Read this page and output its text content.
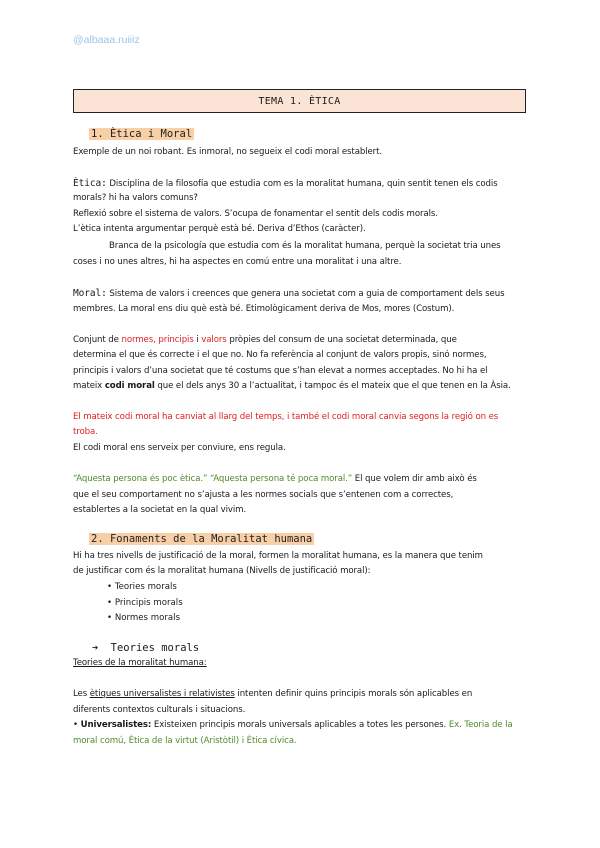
@albaaa.ruiiiz
TEMA 1. ÈTICA
1. Ètica i Moral
Exemple de un noi robant. Es inmoral, no segueix el codi moral establert.
Ètica: Disciplina de la filosofía que estudia com es la moralitat humana, quin sentit tenen els codis
morals? hi ha valors comuns?
Reflexió sobre el sistema de valors. S’ocupa de fonamentar el sentit dels codis morals.
L’ètica intenta argumentar perquè està bé. Deriva d’Ethos (caràcter).
Branca de la psicología que estudia com és la moralitat humana, perquè la societat tria unes
coses i no unes altres, hi ha aspectes en comú entre una moralitat i una altre.
Moral: Sistema de valors i creences que genera una societat com a guia de comportament dels seus
membres. La moral ens diu què està bé. Etimològicament deriva de Mos, mores (Costum).
Conjunt de normes, principis i valors pròpies del consum de una societat determinada, que
determina el que és correcte i el que no. No fa referència al conjunt de valors propis, sinó normes,
principis i valors d’una societat que té costums que s’han elevat a normes acceptades. No hi ha el
mateix codi moral que el dels anys 30 a l’actualitat, i tampoc és el mateix que el que tenen en la Àsia.
El mateix codi moral ha canviat al llarg del temps, i també el codi moral canvia segons la regió on es
troba.
El codi moral ens serveix per conviure, ens regula.
“Aquesta persona és poc ètica.” “Aquesta persona té poca moral.” El que volem dir amb això és
que el seu comportament no s’ajusta a les normes socials que s’entenen com a correctes,
establertes a la societat en la qual vivim.
2. Fonaments de la Moralitat humana
Hi ha tres nivells de justificació de la moral, formen la moralitat humana, es la manera que tenim
de justificar com és la moralitat humana (Nivells de justificació moral):
• Teories morals
• Principis morals
• Normes morals
➔ Teories morals
Teories de la moralitat humana:
Les ètiques universalistes i relativistes intenten definir quins principis morals són aplicables en
diferents contextos culturals i situacions.
• Universalistes: Existeixen principis morals universals aplicables a totes les persones. Ex. Teoria de la
moral comú, Ètica de la virtut (Aristòtil) i Ètica cívica.
